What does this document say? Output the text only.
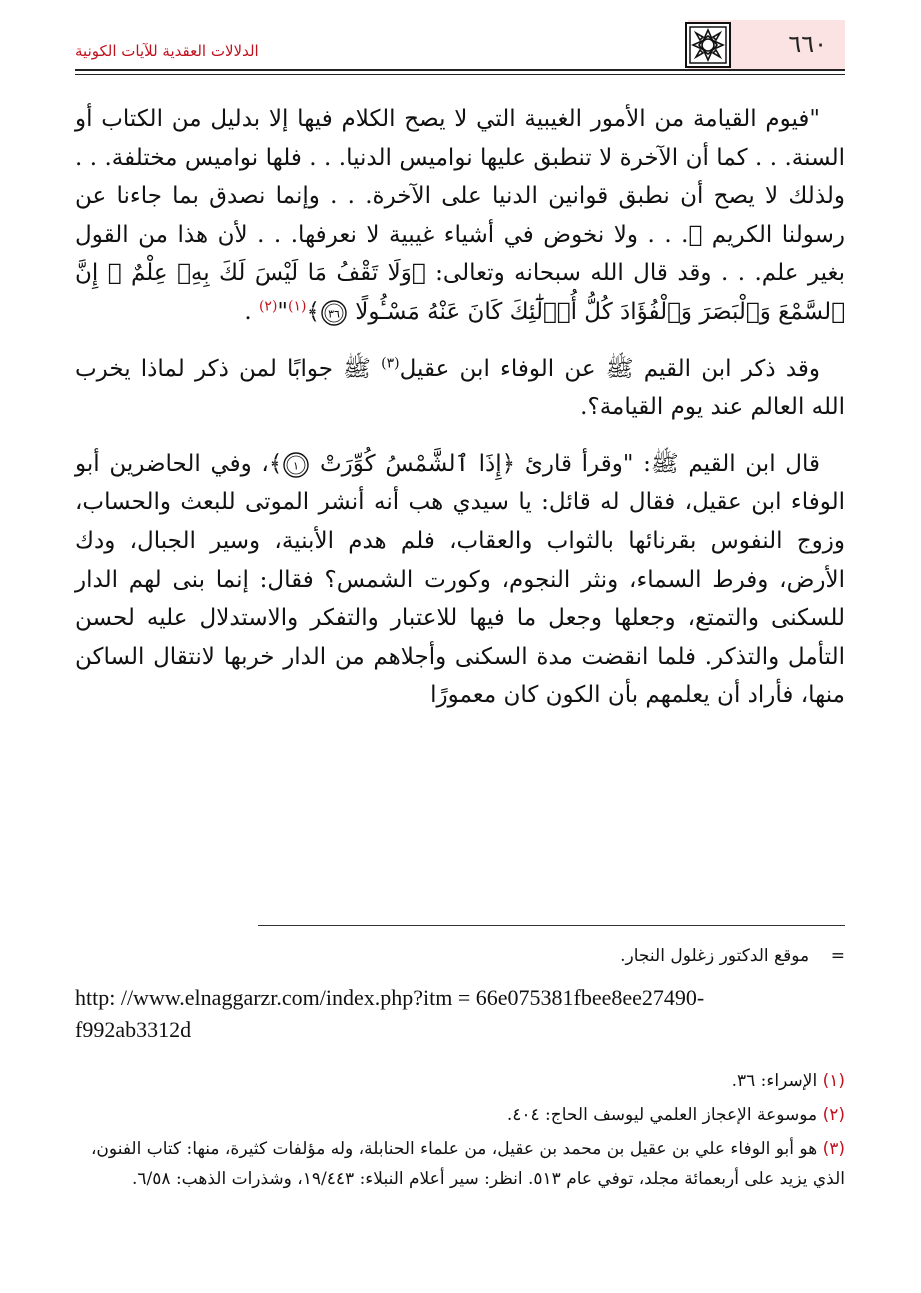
٦٦٠
الدلالات العقدية للآيات الكونية

"فيوم القيامة من الأمور الغيبية التي لا يصح الكلام فيها إلا بدليل من الكتاب أو السنة. . . كما أن الآخرة لا تنطبق عليها نواميس الدنيا. . . فلها نواميس مختلفة. . . ولذلك لا يصح أن نطبق قوانين الدنيا على الآخرة. . . وإنما نصدق بما جاءنا عن رسولنا الكريم ﷺ. . . ولا نخوض في أشياء غيبية لا نعرفها. . . لأن هذا من القول بغير علم. . . وقد قال الله سبحانه وتعالى: ﴿وَلَا تَقْفُ مَا لَيْسَ لَكَ بِهِۦ عِلْمٌ ۚ إِنَّ ٱلسَّمْعَ وَٱلْبَصَرَ وَٱلْفُؤَادَ كُلُّ أُو۟لَٰٓئِكَ كَانَ عَنْهُ مَسْـُٔولًا
٣٦
﴾$^{(١)}$"$^{(٢)}$ .

وقد ذكر ابن القيم ﷺ عن الوفاء ابن عقيل$^{(٣)}$ ﷺ جوابًا لمن ذكر لماذا يخرب الله العالم عند يوم القيامة؟.

قال ابن القيم ﷺ: "وقرأ قارئ ﴿إِذَا ٱلشَّمْسُ كُوِّرَتْ
١
﴾، وفي الحاضرين أبو الوفاء ابن عقيل، فقال له قائل: يا سيدي هب أنه أنشر الموتى للبعث والحساب، وزوج النفوس بقرنائها بالثواب والعقاب، فلم هدم الأبنية، وسير الجبال، ودك الأرض، وفرط السماء، ونثر النجوم، وكورت الشمس؟ فقال: إنما بنى لهم الدار للسكنى والتمتع، وجعلها وجعل ما فيها للاعتبار والتفكر والاستدلال عليه لحسن التأمل والتذكر. فلما انقضت مدة السكنى وأجلاهم من الدار خربها لانتقال الساكن منها، فأراد أن يعلمهم بأن الكون كان معمورًا

=    موقع الدكتور زغلول النجار.
http: //www.elnaggarzr.com/index.php?itm = 66e075381fbee8ee27490-
f992ab3312d
(١) الإسراء: ٣٦.
(٢) موسوعة الإعجاز العلمي ليوسف الحاج: ٤٠٤.
(٣) هو أبو الوفاء علي بن عقيل بن محمد بن عقيل، من علماء الحنابلة، وله مؤلفات كثيرة، منها: كتاب الفنون، الذي يزيد على أربعمائة مجلد، توفي عام ٥١٣. انظر: سير أعلام النبلاء: ١٩/٤٤٣، وشذرات الذهب: ٦/٥٨.
